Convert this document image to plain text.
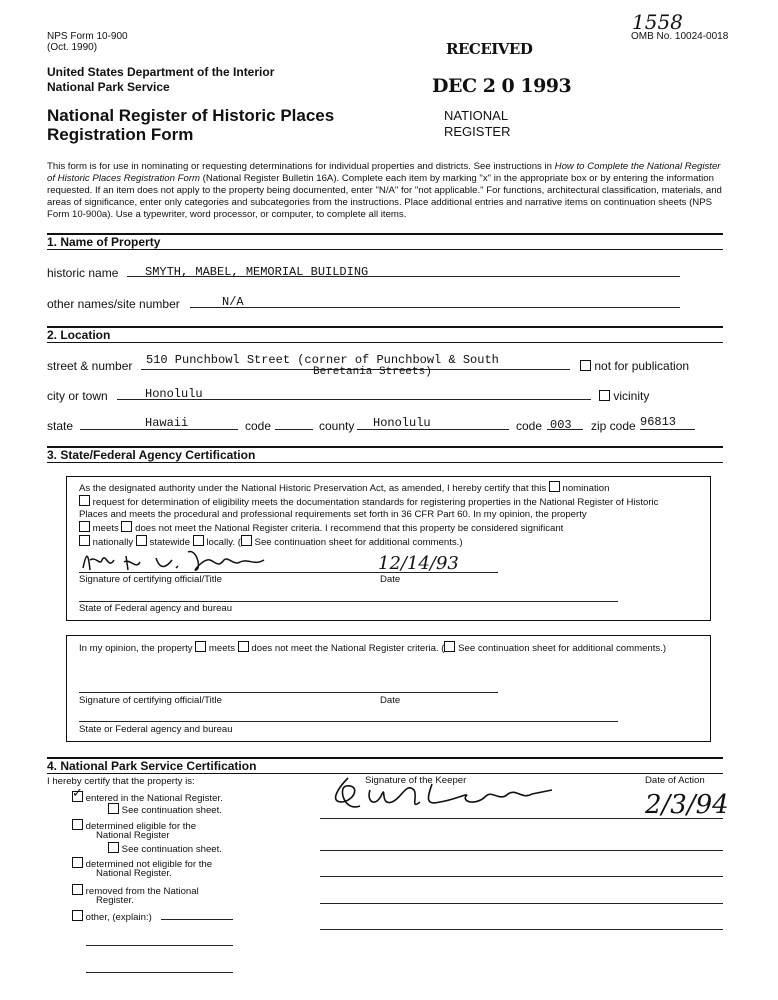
NPS Form 10-900
(Oct. 1990)
1558
OMB No. 10024-0018
RECEIVED
DEC 2 0 1993
NATIONAL
REGISTER
United States Department of the Interior
National Park Service
National Register of Historic Places
Registration Form
This form is for use in nominating or requesting determinations for individual properties and districts. See instructions in How to Complete the National Register of Historic Places Registration Form (National Register Bulletin 16A). Complete each item by marking "x" in the appropriate box or by entering the information requested. If an item does not apply to the property being documented, enter "N/A" for "not applicable." For functions, architectural classification, materials, and areas of significance, enter only categories and subcategories from the instructions. Place additional entries and narrative items on continuation sheets (NPS Form 10-900a). Use a typewriter, word processor, or computer, to complete all items.
1. Name of Property
historic name SMYTH, MABEL, MEMORIAL BUILDING
other names/site number	N/A
2. Location
street & number 510 Punchbowl Street (corner of Punchbowl & South
Beretania Streets)	not for publication
city or town	Honolulu	vicinity
state	Hawaii	code	county Honolulu	code 003 zip code 96813
3. State/Federal Agency Certification
As the designated authority under the National Historic Preservation Act, as amended, I hereby certify that this  nomination
request for determination of eligibility meets the documentation standards for registering properties in the National Register of Historic Places and meets the procedural and professional requirements set forth in 36 CFR Part 60. In my opinion, the property
meets  does not meet the National Register criteria. I recommend that this property be considered significant
nationally  statewide  locally. ( See continuation sheet for additional comments.)
12/14/93
Signature of certifying official/Title	Date
State of Federal agency and bureau
In my opinion, the property  meets  does not meet the National Register criteria. ( See continuation sheet for additional comments.)
Signature of certifying official/Title	Date
State or Federal agency and bureau
4. National Park Service Certification
I hereby certify that the property is:	Signature of the Keeper	Date of Action
2/3/94
✓ entered in the National Register.
See continuation sheet.
determined eligible for the
National Register
See continuation sheet.
determined not eligible for the
National Register.
removed from the National
Register.
other, (explain:)
